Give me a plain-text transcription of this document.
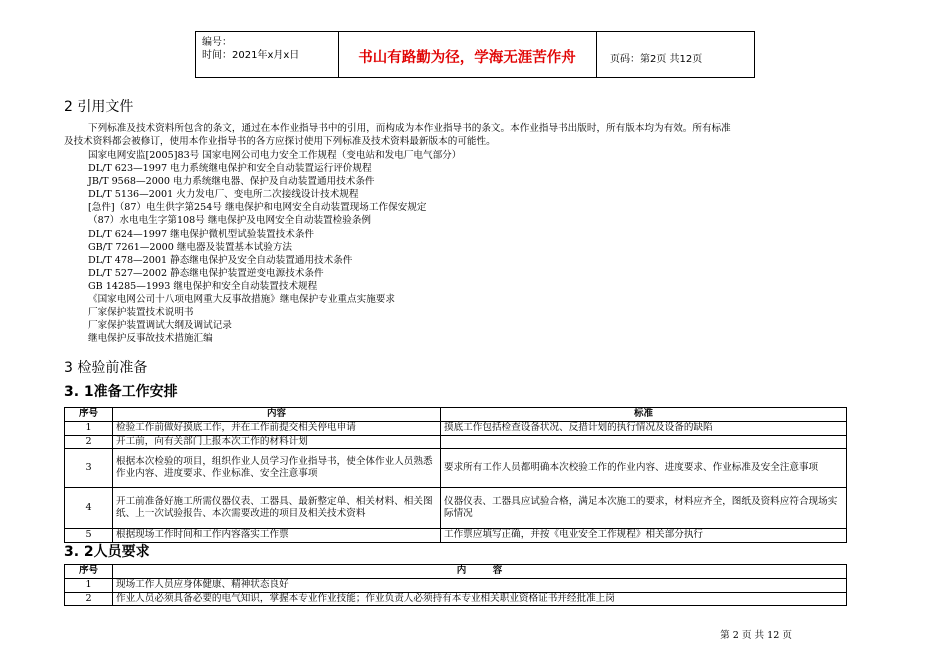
编号：
时间：2021年x月x日	书山有路勤为径，学海无涯苦作舟	页码：第2页 共12页
2 引用文件
下列标准及技术资料所包含的条文，通过在本作业指导书中的引用，而构成为本作业指导书的条文。本作业指导书出版时，所有版本均为有效。所有标准
及技术资料都会被修订，使用本作业指导书的各方应探讨使用下列标准及技术资料最新版本的可能性。
国家电网安监[2005]83号 国家电网公司电力安全工作规程（变电站和发电厂电气部分）
DL/T 623—1997 电力系统继电保护和安全自动装置运行评价规程
JB/T 9568—2000 电力系统继电器、保护及自动装置通用技术条件
DL/T 5136—2001 火力发电厂、变电所二次接线设计技术规程
[急件]（87）电生供字第254号 继电保护和电网安全自动装置现场工作保安规定
（87）水电电生字第108号 继电保护及电网安全自动装置检验条例
DL/T 624—1997 继电保护微机型试验装置技术条件
GB/T 7261—2000 继电器及装置基本试验方法
DL/T 478—2001 静态继电保护及安全自动装置通用技术条件
DL/T 527—2002 静态继电保护装置逆变电源技术条件
GB 14285—1993 继电保护和安全自动装置技术规程
《国家电网公司十八项电网重大反事故措施》继电保护专业重点实施要求
厂家保护装置技术说明书
厂家保护装置调试大纲及调试记录
继电保护反事故技术措施汇编
3 检验前准备
3. 1准备工作安排
序号	内容	标准
1	检验工作前做好摸底工作，并在工作前提交相关停电申请	摸底工作包括检查设备状况、反措计划的执行情况及设备的缺陷
2	开工前，向有关部门上报本次工作的材料计划	
3	根据本次检验的项目，组织作业人员学习作业指导书，使全体作业人员熟悉作业内容、进度要求、作业标准、安全注意事项	要求所有工作人员都明确本次校验工作的作业内容、进度要求、作业标准及安全注意事项
4	开工前准备好施工所需仪器仪表、工器具、最新整定单、相关材料、相关图纸、上一次试验报告、本次需要改进的项目及相关技术资料	仪器仪表、工器具应试验合格，满足本次施工的要求，材料应齐全，图纸及资料应符合现场实际情况
5	根据现场工作时间和工作内容落实工作票	工作票应填写正确，并按《电业安全工作规程》相关部分执行
3. 2人员要求
序号	内        容
1	现场工作人员应身体健康、精神状态良好
2	作业人员必须具备必要的电气知识，掌握本专业作业技能；作业负责人必须持有本专业相关职业资格证书并经批准上岗
第 2 页 共 12 页
